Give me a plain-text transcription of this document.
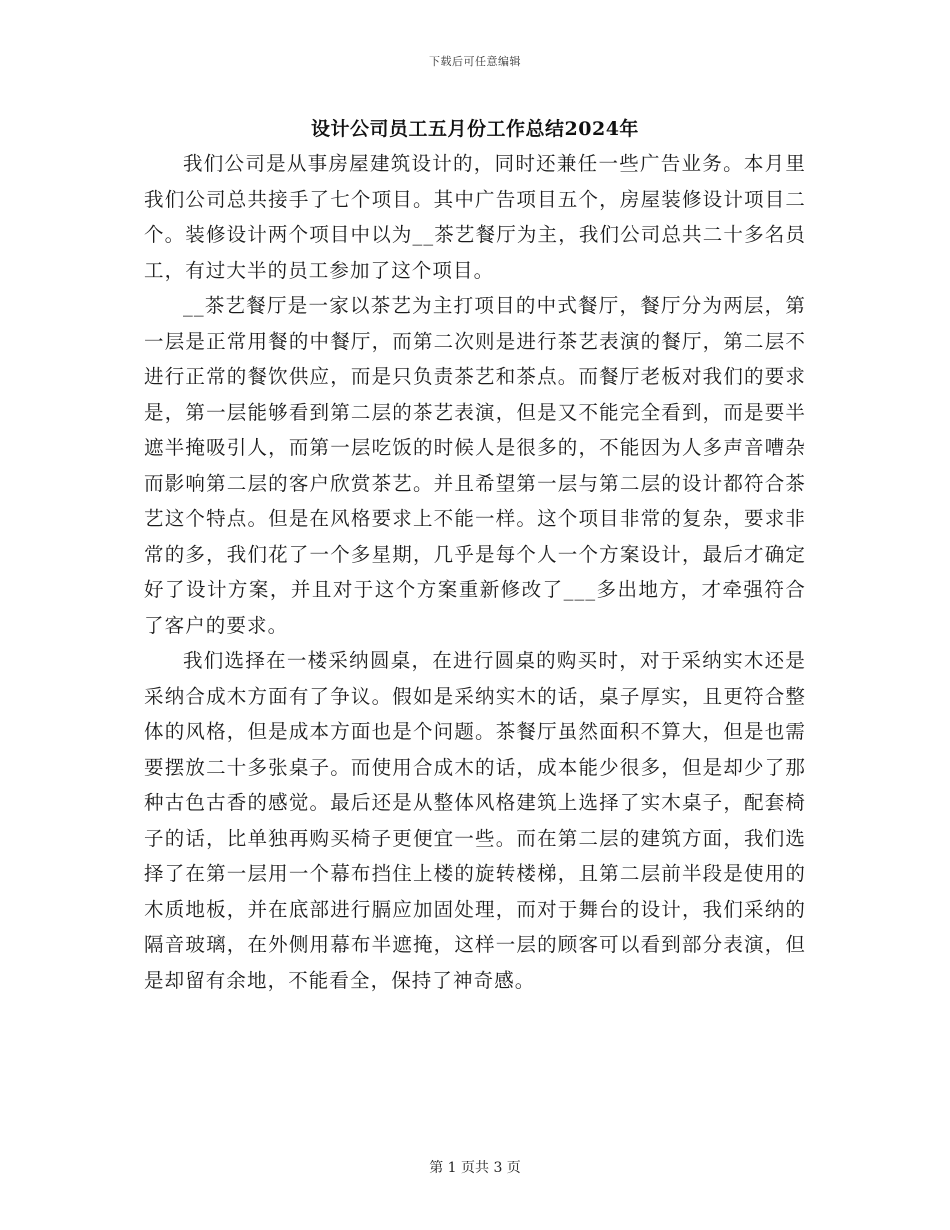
下载后可任意编辑
设计公司员工五月份工作总结2024年

我们公司是从事房屋建筑设计的，同时还兼任一些广告业务。本月里我们公司总共接手了七个项目。其中广告项目五个，房屋装修设计项目二个。装修设计两个项目中以为__茶艺餐厅为主，我们公司总共二十多名员工，有过大半的员工参加了这个项目。

__茶艺餐厅是一家以茶艺为主打项目的中式餐厅，餐厅分为两层，第一层是正常用餐的中餐厅，而第二次则是进行茶艺表演的餐厅，第二层不进行正常的餐饮供应，而是只负责茶艺和茶点。而餐厅老板对我们的要求是，第一层能够看到第二层的茶艺表演，但是又不能完全看到，而是要半遮半掩吸引人，而第一层吃饭的时候人是很多的，不能因为人多声音嘈杂而影响第二层的客户欣赏茶艺。并且希望第一层与第二层的设计都符合茶艺这个特点。但是在风格要求上不能一样。这个项目非常的复杂，要求非常的多，我们花了一个多星期，几乎是每个人一个方案设计，最后才确定好了设计方案，并且对于这个方案重新修改了___多出地方，才牵强符合了客户的要求。

我们选择在一楼采纳圆桌，在进行圆桌的购买时，对于采纳实木还是采纳合成木方面有了争议。假如是采纳实木的话，桌子厚实，且更符合整体的风格，但是成本方面也是个问题。茶餐厅虽然面积不算大，但是也需要摆放二十多张桌子。而使用合成木的话，成本能少很多，但是却少了那种古色古香的感觉。最后还是从整体风格建筑上选择了实木桌子，配套椅子的话，比单独再购买椅子更便宜一些。而在第二层的建筑方面，我们选择了在第一层用一个幕布挡住上楼的旋转楼梯，且第二层前半段是使用的木质地板，并在底部进行膈应加固处理，而对于舞台的设计，我们采纳的隔音玻璃，在外侧用幕布半遮掩，这样一层的顾客可以看到部分表演，但是却留有余地，不能看全，保持了神奇感。

第 1 页共 3 页
